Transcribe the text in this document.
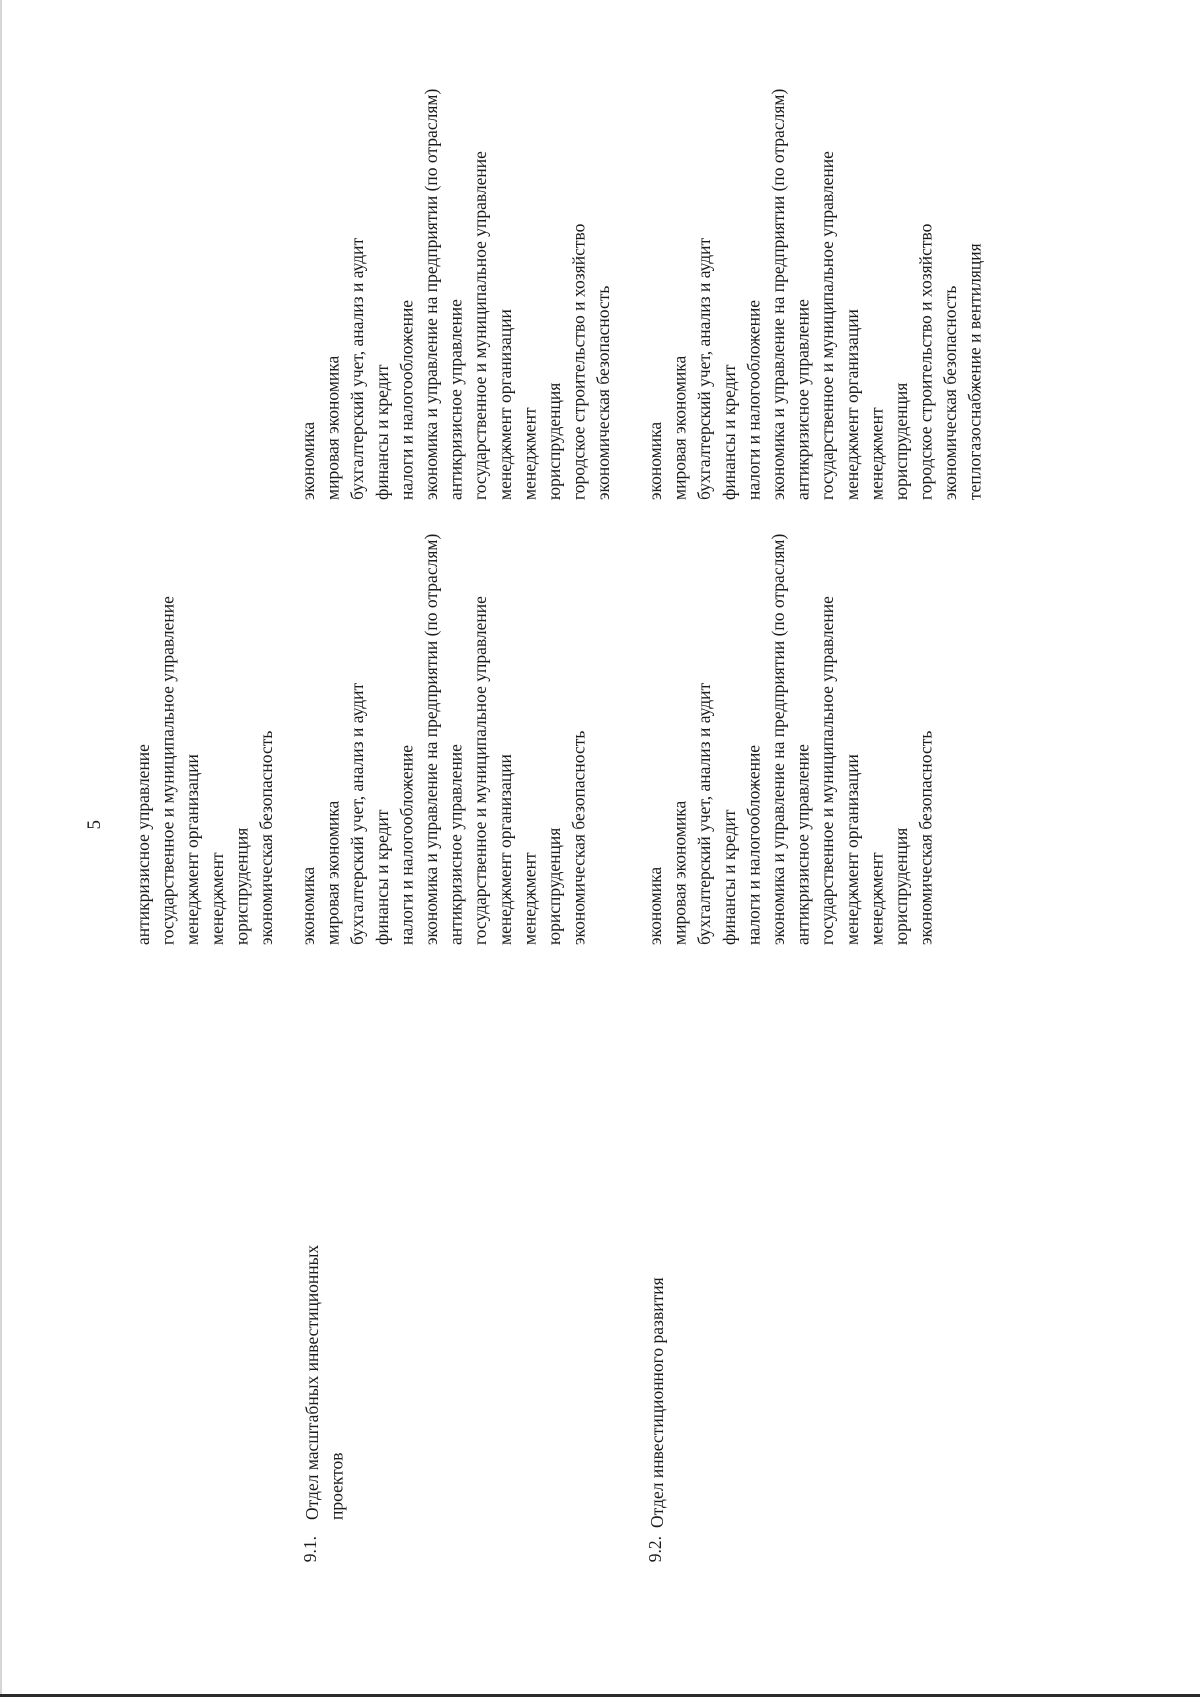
5 антикризисное управление государственное и муниципальное управление менеджмент организации менеджмент юриспруденция экономическая безопасность
9.1.
Отдел масштабных инвестиционных проектов
экономика мировая экономика бухгалтерский учет, анализ и аудит финансы и кредит налоги и налогообложение экономика и управление на предприятии (по отраслям) антикризисное управление государственное и муниципальное управление менеджмент организации менеджмент юриспруденция экономическая безопасность
экономика мировая экономика бухгалтерский учет, анализ и аудит финансы и кредит налоги и налогообложение экономика и управление на предприятии (по отраслям) антикризисное управление государственное и муниципальное управление менеджмент организации менеджмент юриспруденция городское строительство и хозяйство экономическая безопасность
9.2.
Отдел инвестиционного развития
экономика мировая экономика бухгалтерский учет, анализ и аудит финансы и кредит налоги и налогообложение экономика и управление на предприятии (по отраслям) антикризисное управление государственное и муниципальное управление менеджмент организации менеджмент юриспруденция экономическая безопасность
экономика мировая экономика бухгалтерский учет, анализ и аудит финансы и кредит налоги и налогообложение экономика и управление на предприятии (по отраслям) антикризисное управление государственное и муниципальное управление менеджмент организации менеджмент юриспруденция городское строительство и хозяйство экономическая безопасность теплогазоснабжение и вентиляция
